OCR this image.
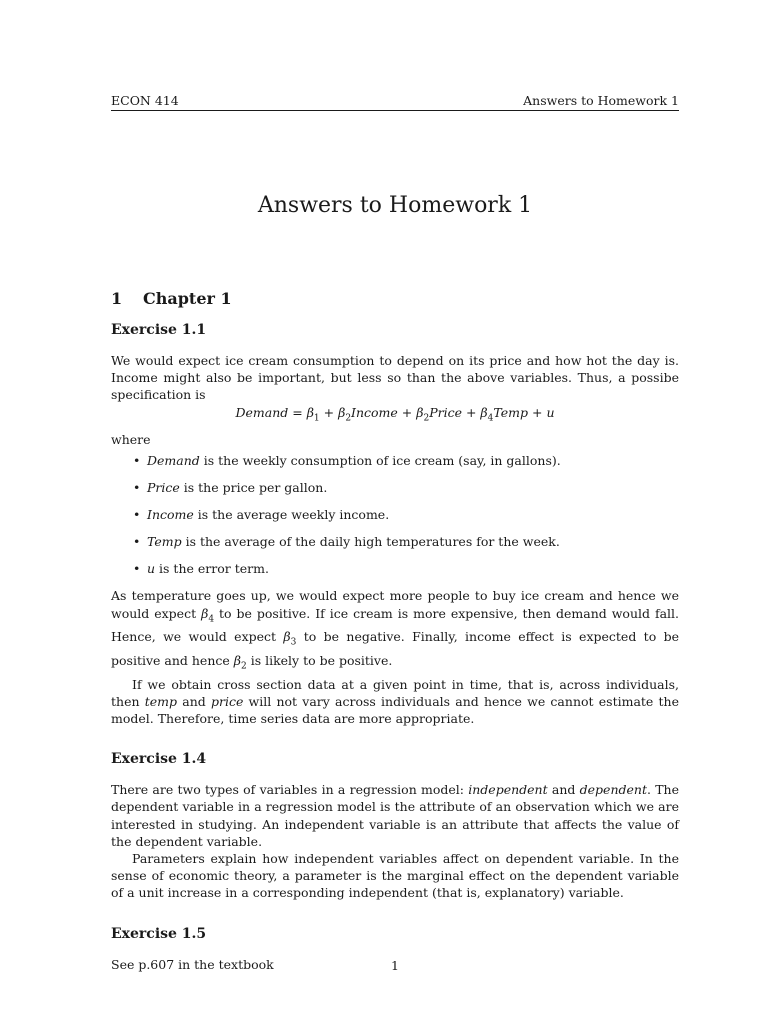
ECON 414	Answers to Homework 1
Answers to Homework 1
1 Chapter 1
Exercise 1.1

We would expect ice cream consumption to depend on its price and how hot the day is. Income might also be important, but less so than the above variables. Thus, a possibe specification is

Demand = $\beta_1$ + $\beta_2Income$ + $\beta_2Price$ + $\beta_4Temp + u$

where

• Demand is the weekly consumption of ice cream (say, in gallons).
• Price is the price per gallon.
• Income is the average weekly income.
• Temp is the average of the daily high temperatures for the week.
• u is the error term.

As temperature goes up, we would expect more people to buy ice cream and hence we would expect $\beta_4$ to be positive. If ice cream is more expensive, then demand would fall. Hence, we would expect $\beta_3$ to be negative. Finally, income effect is expected to be positive and hence $\beta_2$ is likely to be positive.

If we obtain cross section data at a given point in time, that is, across individuals, then temp and price will not vary across individuals and hence we cannot estimate the model. Therefore, time series data are more appropriate.

Exercise 1.4

There are two types of variables in a regression model: independent and dependent. The dependent variable in a regression model is the attribute of an observation which we are interested in studying. An independent variable is an attribute that affects the value of the dependent variable.

Parameters explain how independent variables affect on dependent variable. In the sense of economic theory, a parameter is the marginal effect on the dependent variable of a unit increase in a corresponding independent (that is, explanatory) variable.

Exercise 1.5

See p.607 in the textbook	1
